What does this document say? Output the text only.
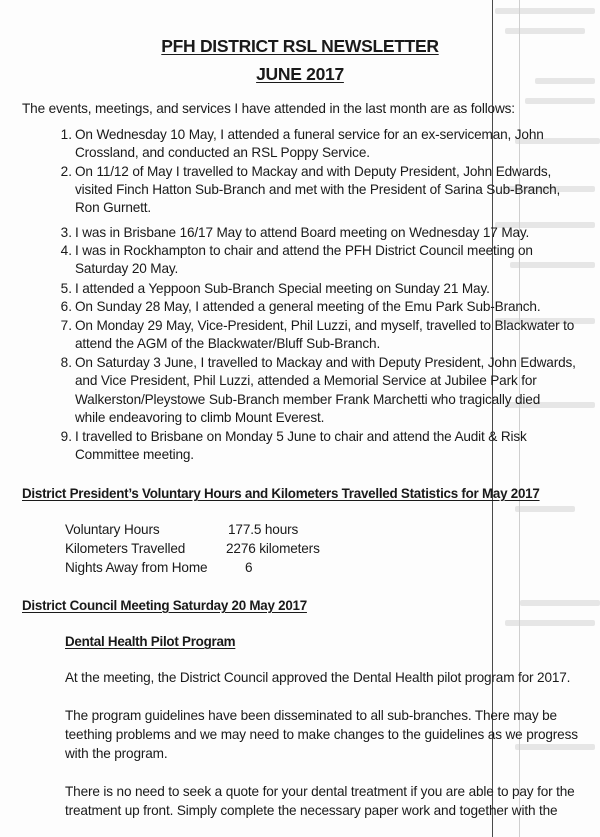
PFH DISTRICT RSL NEWSLETTER
JUNE 2017
The events, meetings, and services I have attended in the last month are as follows:
1. On Wednesday 10 May, I attended a funeral service for an ex-serviceman, John
Crossland, and conducted an RSL Poppy Service.
2. On 11/12 of May I travelled to Mackay and with Deputy President, John Edwards,
visited Finch Hatton Sub-Branch and met with the President of Sarina Sub-Branch,
Ron Gurnett.
3. I was in Brisbane 16/17 May to attend Board meeting on Wednesday 17 May.
4. I was in Rockhampton to chair and attend the PFH District Council meeting on
Saturday 20 May.
5. I attended a Yeppoon Sub-Branch Special meeting on Sunday 21 May.
6. On Sunday 28 May, I attended a general meeting of the Emu Park Sub-Branch.
7. On Monday 29 May, Vice-President, Phil Luzzi, and myself, travelled to Blackwater to
attend the AGM of the Blackwater/Bluff Sub-Branch.
8. On Saturday 3 June, I travelled to Mackay and with Deputy President, John Edwards,
and Vice President, Phil Luzzi, attended a Memorial Service at Jubilee Park for
Walkerston/Pleystowe Sub-Branch member Frank Marchetti who tragically died
while endeavoring to climb Mount Everest.
9. I travelled to Brisbane on Monday 5 June to chair and attend the Audit & Risk
Committee meeting.
District President’s Voluntary Hours and Kilometers Travelled Statistics for May 2017
Voluntary Hours	177.5 hours
Kilometers Travelled	2276 kilometers
Nights Away from Home	6
District Council Meeting Saturday 20 May 2017
Dental Health Pilot Program
At the meeting, the District Council approved the Dental Health pilot program for 2017.
The program guidelines have been disseminated to all sub-branches. There may be
teething problems and we may need to make changes to the guidelines as we progress
with the program.
There is no need to seek a quote for your dental treatment if you are able to pay for the
treatment up front. Simply complete the necessary paper work and together with the
